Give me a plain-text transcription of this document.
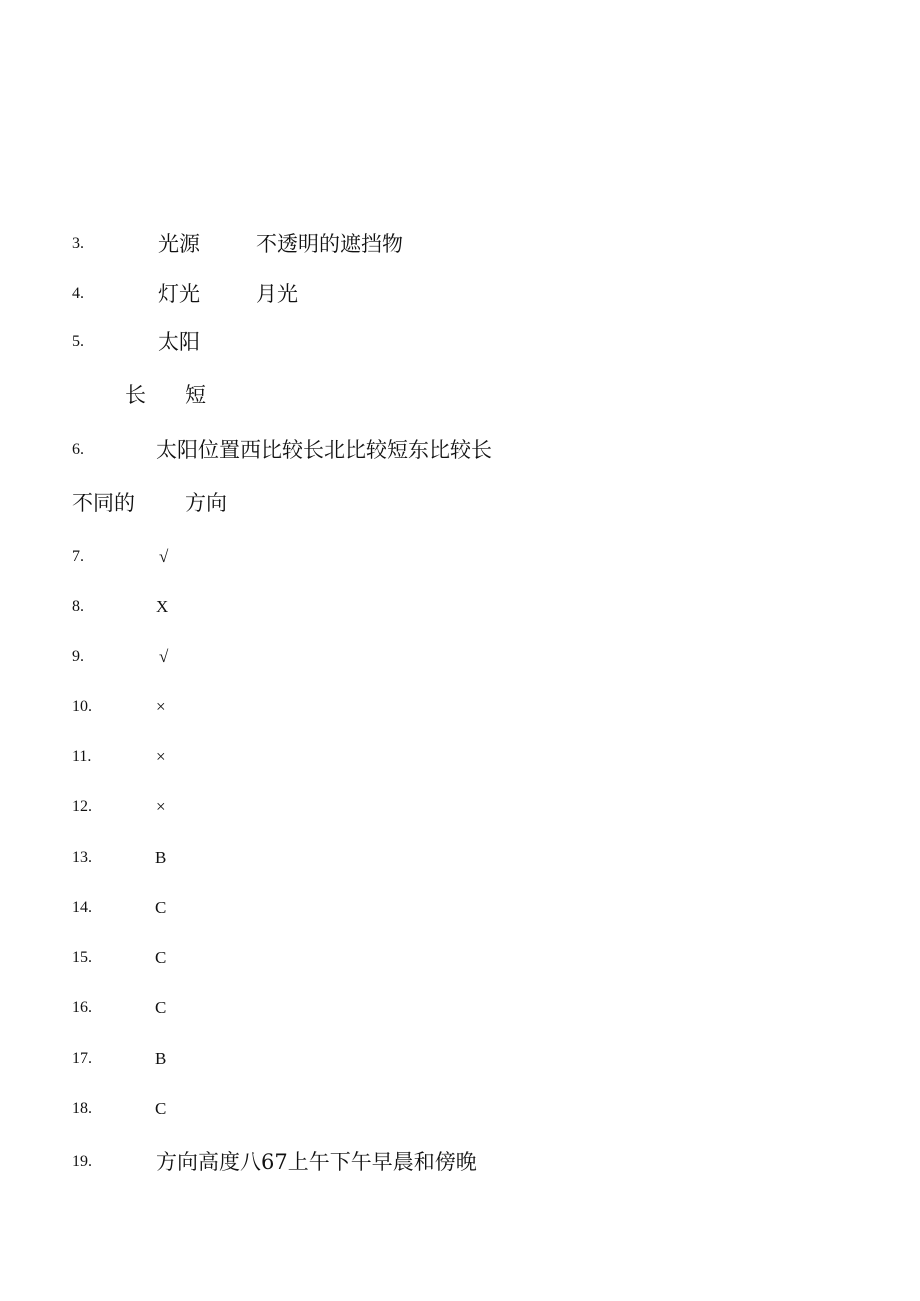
3.	光源	不透明的遮挡物
4.	灯光	月光
5.	太阳
长 短
6.	太阳位置西比较长北比较短东比较长
不同的 方向
7.	√
8.	X
9.	√
10.	×
11.	×
12.	×
13.	B
14.	C
15.	C
16.	C
17.	B
18.	C
19.	方向高度八67上午下午早晨和傍晚
